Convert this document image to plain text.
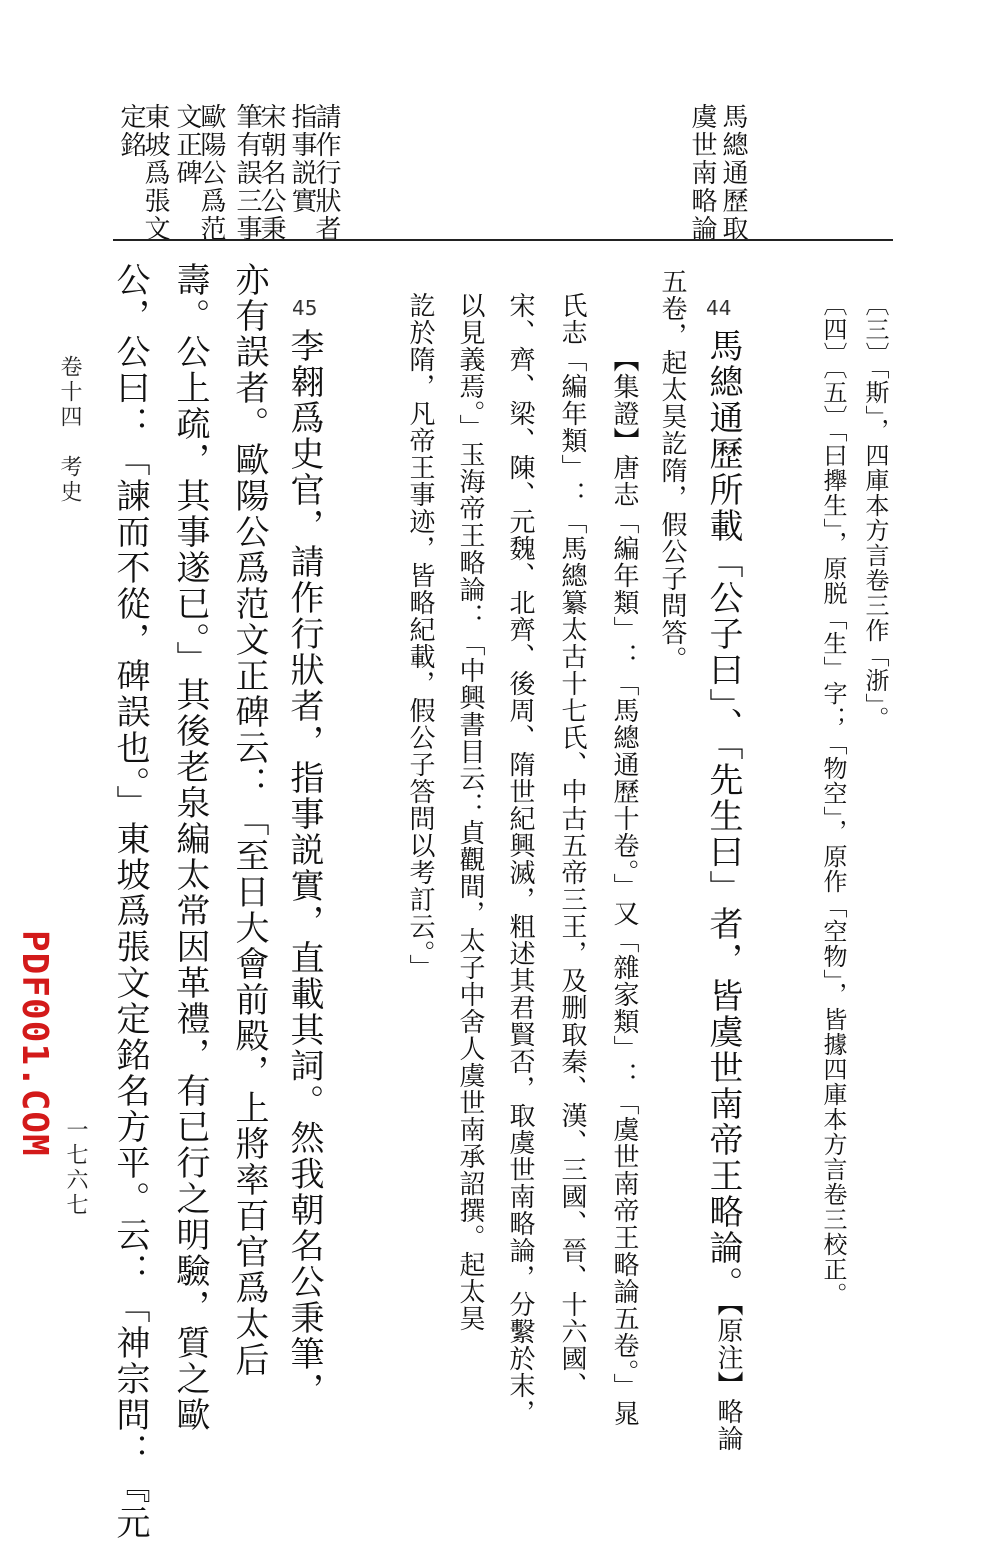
馬總通歷取
虞世南略論
請作行狀者
指事説實
宋朝名公秉
筆有誤三事
歐陽公爲范
文正碑
東坡爲張文
定銘
〔三〕「斯」，四庫本方言卷三作「浙」。
〔四〕〔五〕「曰攑生」，原脱「生」字；「物空」，原作「空物」，皆據四庫本方言卷三校正。
44
馬總通歷所載「公子曰」、「先生曰」者，皆虞世南帝王略論。
【原注】略論
五卷，起太昊訖隋，假公子問答。
【集證】唐志「編年類」：「馬總通歷十卷。」又「雜家類」：「虞世南帝王略論五卷。」晁
氏志「編年類」：「馬總纂太古十七氏、中古五帝三王，及删取秦、漢、三國、晉、十六國、
宋、齊、梁、陳、元魏、北齊、後周、隋世紀興滅，粗述其君賢否，取虞世南略論，分繫於末，
以見義焉。」玉海帝王略論：「中興書目云：貞觀間，太子中舍人虞世南承詔撰。起太昊
訖於隋，凡帝王事迹，皆略紀載，假公子答問以考訂云。」
45
李翱爲史官，請作行狀者，指事説實，直載其詞。然我朝名公秉筆，
亦有誤者。歐陽公爲范文正碑云：「至日大會前殿，上將率百官爲太后
壽。公上疏，其事遂已。」其後老泉編太常因革禮，有已行之明驗，質之歐
公，公曰：「諫而不從，碑誤也。」東坡爲張文定銘名方平。云：「神宗問：『元
卷十四　考史
一七六七
PDF001.COM
